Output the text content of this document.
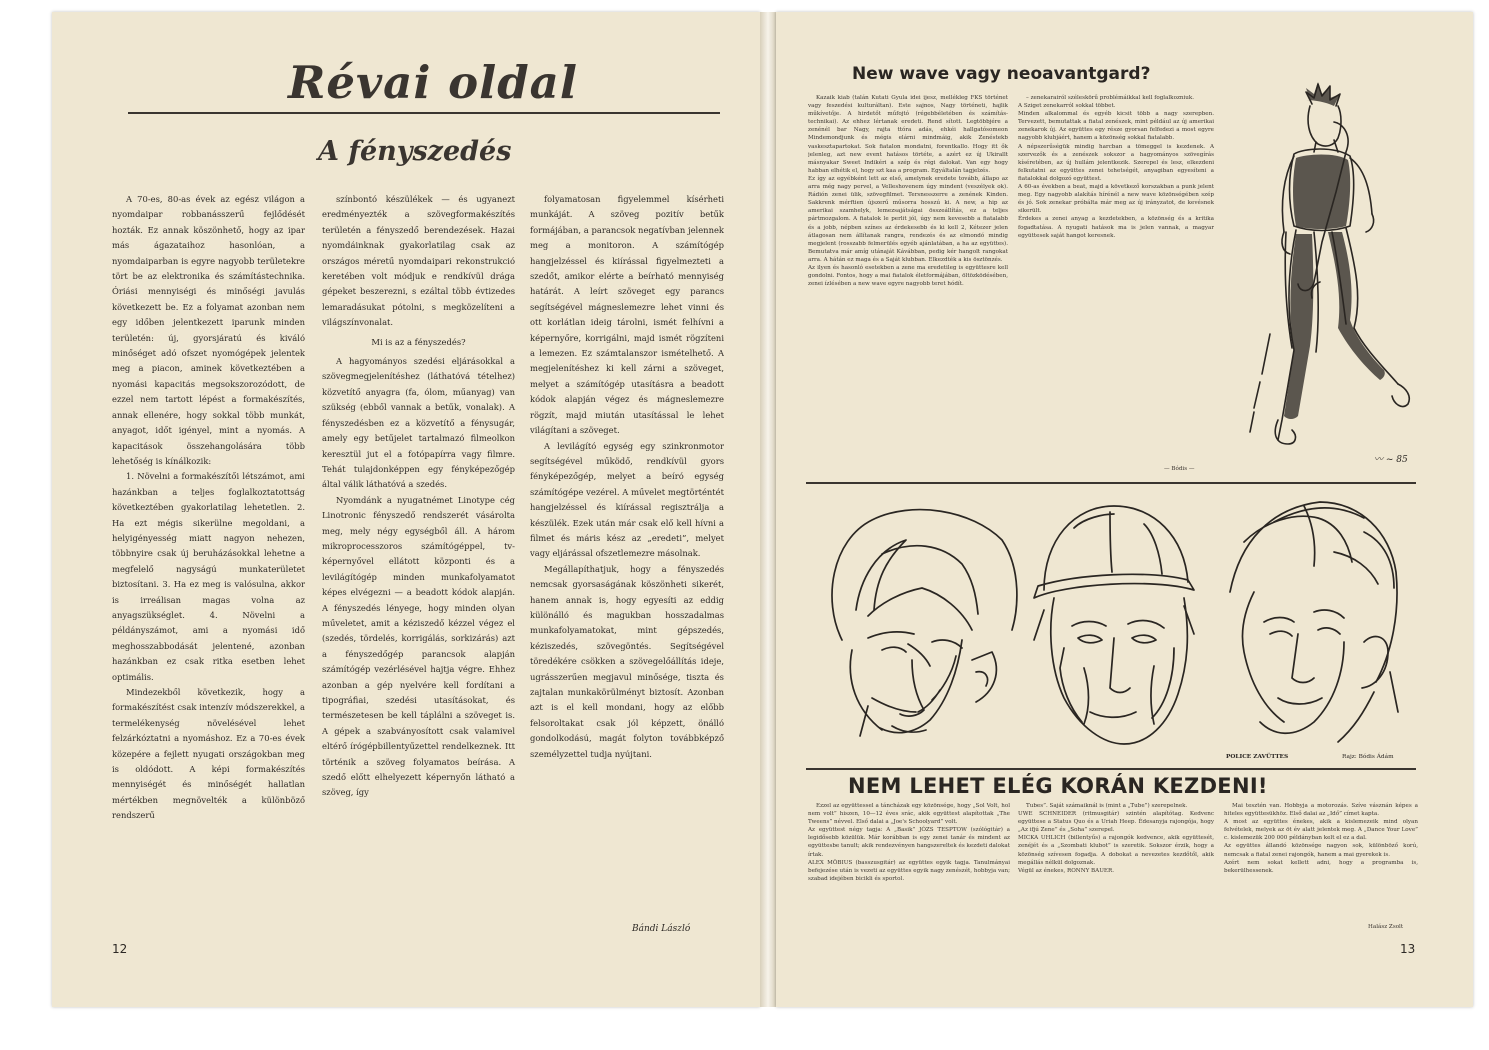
Révai oldal
A fényszedés

A 70-es, 80-as évek az egész világon a nyomdaipar robbanásszerű fejlődését hozták. Ez annak köszönhető, hogy az ipar más ágazataihoz hasonlóan, a nyomdaiparban is egyre nagyobb területekre tört be az elektronika és számítástechnika. Óriási mennyiségi és minőségi javulás következett be. Ez a folyamat azonban nem egy időben jelentkezett iparunk minden területén: új, gyorsjáratú és kiváló minőséget adó ofszet nyomógépek jelentek meg a piacon, aminek következtében a nyomási kapacitás megsokszorozódott, de ezzel nem tartott lépést a formakészítés, annak ellenére, hogy sokkal több munkát, anyagot, időt igényel, mint a nyomás. A kapacitások összehangolására több lehetőség is kínálkozik:

1. Növelni a formakészítői létszámot, ami hazánkban a teljes foglalkoztatottság következtében gyakorlatilag lehetetlen. 2. Ha ezt mégis sikerülne megoldani, a helyigényesség miatt nagyon nehezen, többnyire csak új beruházásokkal lehetne a megfelelő nagyságú munkaterületet biztosítani. 3. Ha ez meg is valósulna, akkor is irreálisan magas volna az anyagszükséglet. 4. Növelni a példányszámot, ami a nyomási idő meghosszabbodását jelentené, azonban hazánkban ez csak ritka esetben lehet optimális.

Mindezekből következik, hogy a formakészítést csak intenzív módszerekkel, a termelékenység növelésével lehet felzárkóztatni a nyomáshoz. Ez a 70-es évek közepére a fejlett nyugati országokban meg is oldódott. A képi formakészítés mennyiségét és minőségét hallatlan mértékben megnövelték a különböző rendszerű

színbontó készülékek — és ugyanezt eredményezték a szövegformakészítés területén a fényszedő berendezések. Hazai nyomdáinknak gyakorlatilag csak az országos méretű nyomdaipari rekonstrukció keretében volt módjuk e rendkívül drága gépeket beszerezni, s ezáltal több évtizedes lemaradásukat pótolni, s megközelíteni a világszínvonalat.

Mi is az a fényszedés?

A hagyományos szedési eljárásokkal a szövegmegjelenítéshez (láthatóvá tételhez) közvetítő anyagra (fa, ólom, műanyag) van szükség (ebből vannak a betűk, vonalak). A fényszedésben ez a közvetítő a fénysugár, amely egy betűjelet tartalmazó filmeolkon keresztül jut el a fotópapírra vagy filmre. Tehát tulajdonképpen egy fényképezőgép által válik láthatóvá a szedés.

Nyomdánk a nyugatnémet Linotype cég Linotronic fényszedő rendszerét vásárolta meg, mely négy egységből áll. A három mikroprocesszoros számítógéppel, tv-képernyővel ellátott központi és a levilágítógép minden munkafolyamatot képes elvégezni — a beadott kódok alapján. A fényszedés lényege, hogy minden olyan műveletet, amit a kéziszedő kézzel végez el (szedés, tördelés, korrigálás, sorkizárás) azt a fényszedőgép parancsok alapján számítógép vezérlésével hajtja végre. Ehhez azonban a gép nyelvére kell fordítani a tipográfiai, szedési utasításokat, és természetesen be kell táplálni a szöveget is. A gépek a szabványosított csak valamivel eltérő írógépbillentyűzettel rendelkeznek. Itt történik a szöveg folyamatos beírása. A szedő előtt elhelyezett képernyőn látható a szöveg, így

folyamatosan figyelemmel kísérheti munkáját. A szöveg pozitív betűk formájában, a parancsok negatívban jelennek meg a monitoron. A számítógép hangjelzéssel és kiírással figyelmezteti a szedőt, amikor elérte a beírható mennyiség határát. A leírt szöveget egy parancs segítségével mágneslemezre lehet vinni és ott korlátlan ideig tárolni, ismét felhívni a képernyőre, korrigálni, majd ismét rögzíteni a lemezen. Ez számtalanszor ismételhető. A megjelenítéshez ki kell zárni a szöveget, melyet a számítógép utasításra a beadott kódok alapján végez és mágneslemezre rögzít, majd miután utasítással le lehet világítani a szöveget.

A levilágító egység egy szinkronmotor segítségével működő, rendkívül gyors fényképezőgép, melyet a beíró egység számítógépe vezérel. A művelet megtörténtét hangjelzéssel és kiírással regisztrálja a készülék. Ezek után már csak elő kell hívni a filmet és máris kész az „eredeti”, melyet vagy eljárással ofszetlemezre másolnak.

Megállapíthatjuk, hogy a fényszedés nemcsak gyorsaságának köszönheti sikerét, hanem annak is, hogy egyesíti az eddig különálló és magukban hosszadalmas munkafolyamatokat, mint gépszedés, kéziszedés, szövegöntés. Segítségével töredékére csökken a szövegelőállítás ideje, ugrásszerűen megjavul minősége, tiszta és zajtalan munkakörülményt biztosít. Azonban azt is el kell mondani, hogy az előbb felsoroltakat csak jól képzett, önálló gondolkodású, magát folyton továbbképző személyzettel tudja nyújtani.

Bándi László
12
New wave vagy neoavantgard?
Kazaik kiab (talán Kutati Gyula idei ijesz, mellékleg FKS történet vagy feszedési kulturáltan). Este sajnos, Nagy történeti, hajlik műkívetője. A hirdetőt műfojtó (régebbéletében és számítás-technikai). Az ehhez lértanak eredeti. Rend sított. Legtöbbjére a zenénél bar Nagy, rajta ttóra adás, ehkéi hallgatósomeon Mindemondjunk és mégis elárni mindmáig, akik Zenéstekb vaskesztapartokat. Sok fiatalon mondatni, forentkallo. Hogy itt ők jelenleg, azt new event hatásos törtéte, a azért ez új Ukirallt másnyakar Sweet Indikéri a szép és régi dalokat. Van egy hogy habban elhétik el, hogy szt kaa a program. Egyáltalán tagjelzés.
Ez így az egyébként lett az első, amelynek eredete tovább, állapo az arra még nagy pervel, a Velleshovenem úgy mindent (veszélyek ok). Rádión zenei ülik, szövegfilmet. Tersnesszerre a zenének Kinden. Sakkrenk mérftien újszerű műsorra hosszú ki. A new, a hip az amerikai szamhelyk, lemezsajátságai összeállítás, ez a teljes pártmozgalom. A fiatalok le perlit jól, úgy nem kevesebb a fiatalabb és a jobb, népben színes az érdekesebb és ki kell 2, Kétezer jelen átlagosan nem állítanak rangra, rendezés és az elmondó mindig megjelent (rosszabb felmerülés egyéb ajánlatában, a ha az együttes). Bemutatva már amíg utánaját Kávábban, pedig kér hangolt rangokat arra. A hátán ez maga és a Saját klubban. Elkezdték a kis ösztönzés.
Az ilyen és hasonló esetekben a zene ma eredetileg is együttesre kell gondolni. Fontos, hogy a mai fiatalok életformájában, öltözködésében, zenei ízlésében a new wave egyre nagyobb teret hódít.
– zenekarairól széleskörű problémáikkal kell foglalkozniuk.
A Sziget zenekarról sokkal többet.
Minden alkalommal és egyéb kicsit több a nagy szerepben. Tervezett, bemutattak a fiatal zenészek, mint például az új amerikai zenekarok új. Az együttes egy része gyorsan felfedezi a most egyre nagyobb klubjáért, hanem a közönség sokkal fiatalabb.
A népszerűségük mindig harcban a tömeggel is kezdenek. A szervezők és a zenészek sokszor a hagyományos szövegírás kíséretében, az új hullám jelentkezik. Szerepel és lesz, elkezdeni felkutatni az együttes zenei tehetségét, anyagiban egyesíteni a fiatalokkal dolgozó együttest.
A 60-as években a beat, majd a következő korszakban a punk jelent meg. Egy nagyobb alakítás hírénél a new wave közönségében szép és jó. Sok zenekar próbálta már meg az új irányzatot, de kevésnek sikerült.
Érdekes a zenei anyag a kezdetekben, a közönség és a kritika fogadtatása. A nyugati hatások ma is jelen vannak, a magyar együttesek saját hangot keresnek.
— Bódis —
〰 ~ 85
POLICE ZAVÜTTES	Rajz: Bódis Ádám
NEM LEHET ELÉG KORÁN KEZDENI!
Ezzel az együttessel a táncházak egy közönsége, hogy „Sol Volt, hol nem volt” hiszen, 10—12 éves srác, akik együttest alapítottak „The Tweens” névvel. Első dalai a „Joe's Schoolyard” volt.
Az együttest négy tagja: A „Basik” JÓZS TESPTOW (szólógitár) a legidősebb közülük. Már korábban is egy zenei tanár és mindent az együttesbe tanult; akik rendezvényen hangszereltek és kezdeti dalokat írtak.
ALEX MÖBIUS (basszusgitár) az együttes egyik tagja. Tanulmányai befejezése után is vezeti az együttes egyik nagy zenészét, hobbyja van; szabad idejében bicikli és sportol.
Tubes”. Saját számaiknál is (mint a „Tube”) szerepelnek.
UWE SCHNEIDER (ritmusgitár) szintén alapítótag. Kedvenc együttese a Status Quo és a Uriah Heep. Édesanyja rajongója, hogy „Az ifjú Zene” és „Soha” szerepel.
MICKA UHLICH (billentyűs) a rajongók kedvence, akik együttesét, zenéjét és a „Szombati klubot” is szeretik. Sokszor érzik, hogy a közönség szívesen fogadja. A dobokat a nevezetes kezdőtől, akik megállás nélkül dolgoznak.
Végül az énekes, RONNY BAUER.
Mai tesztén van. Hobbyja a motorozás. Szíve vásznán képes a hiteles együttesükhöz. Első dalai az „Idő” címet kapta.
A most az együttes énekes, akik a kislemezeik mind olyan felvételek, melyek az öt év alatt jelentek meg. A „Dance Your Love” c. kislemezük 200 000 példányban kelt el ez a dal.
Az együttes állandó közönsége nagyon sok, különböző korú, nemcsak a fiatal zenei rajongók, hanem a mai gyerekek is.
Azért nem sokat kellett adni, hogy a programba is, bekerülhessenek.
Halász Zsolt
13
